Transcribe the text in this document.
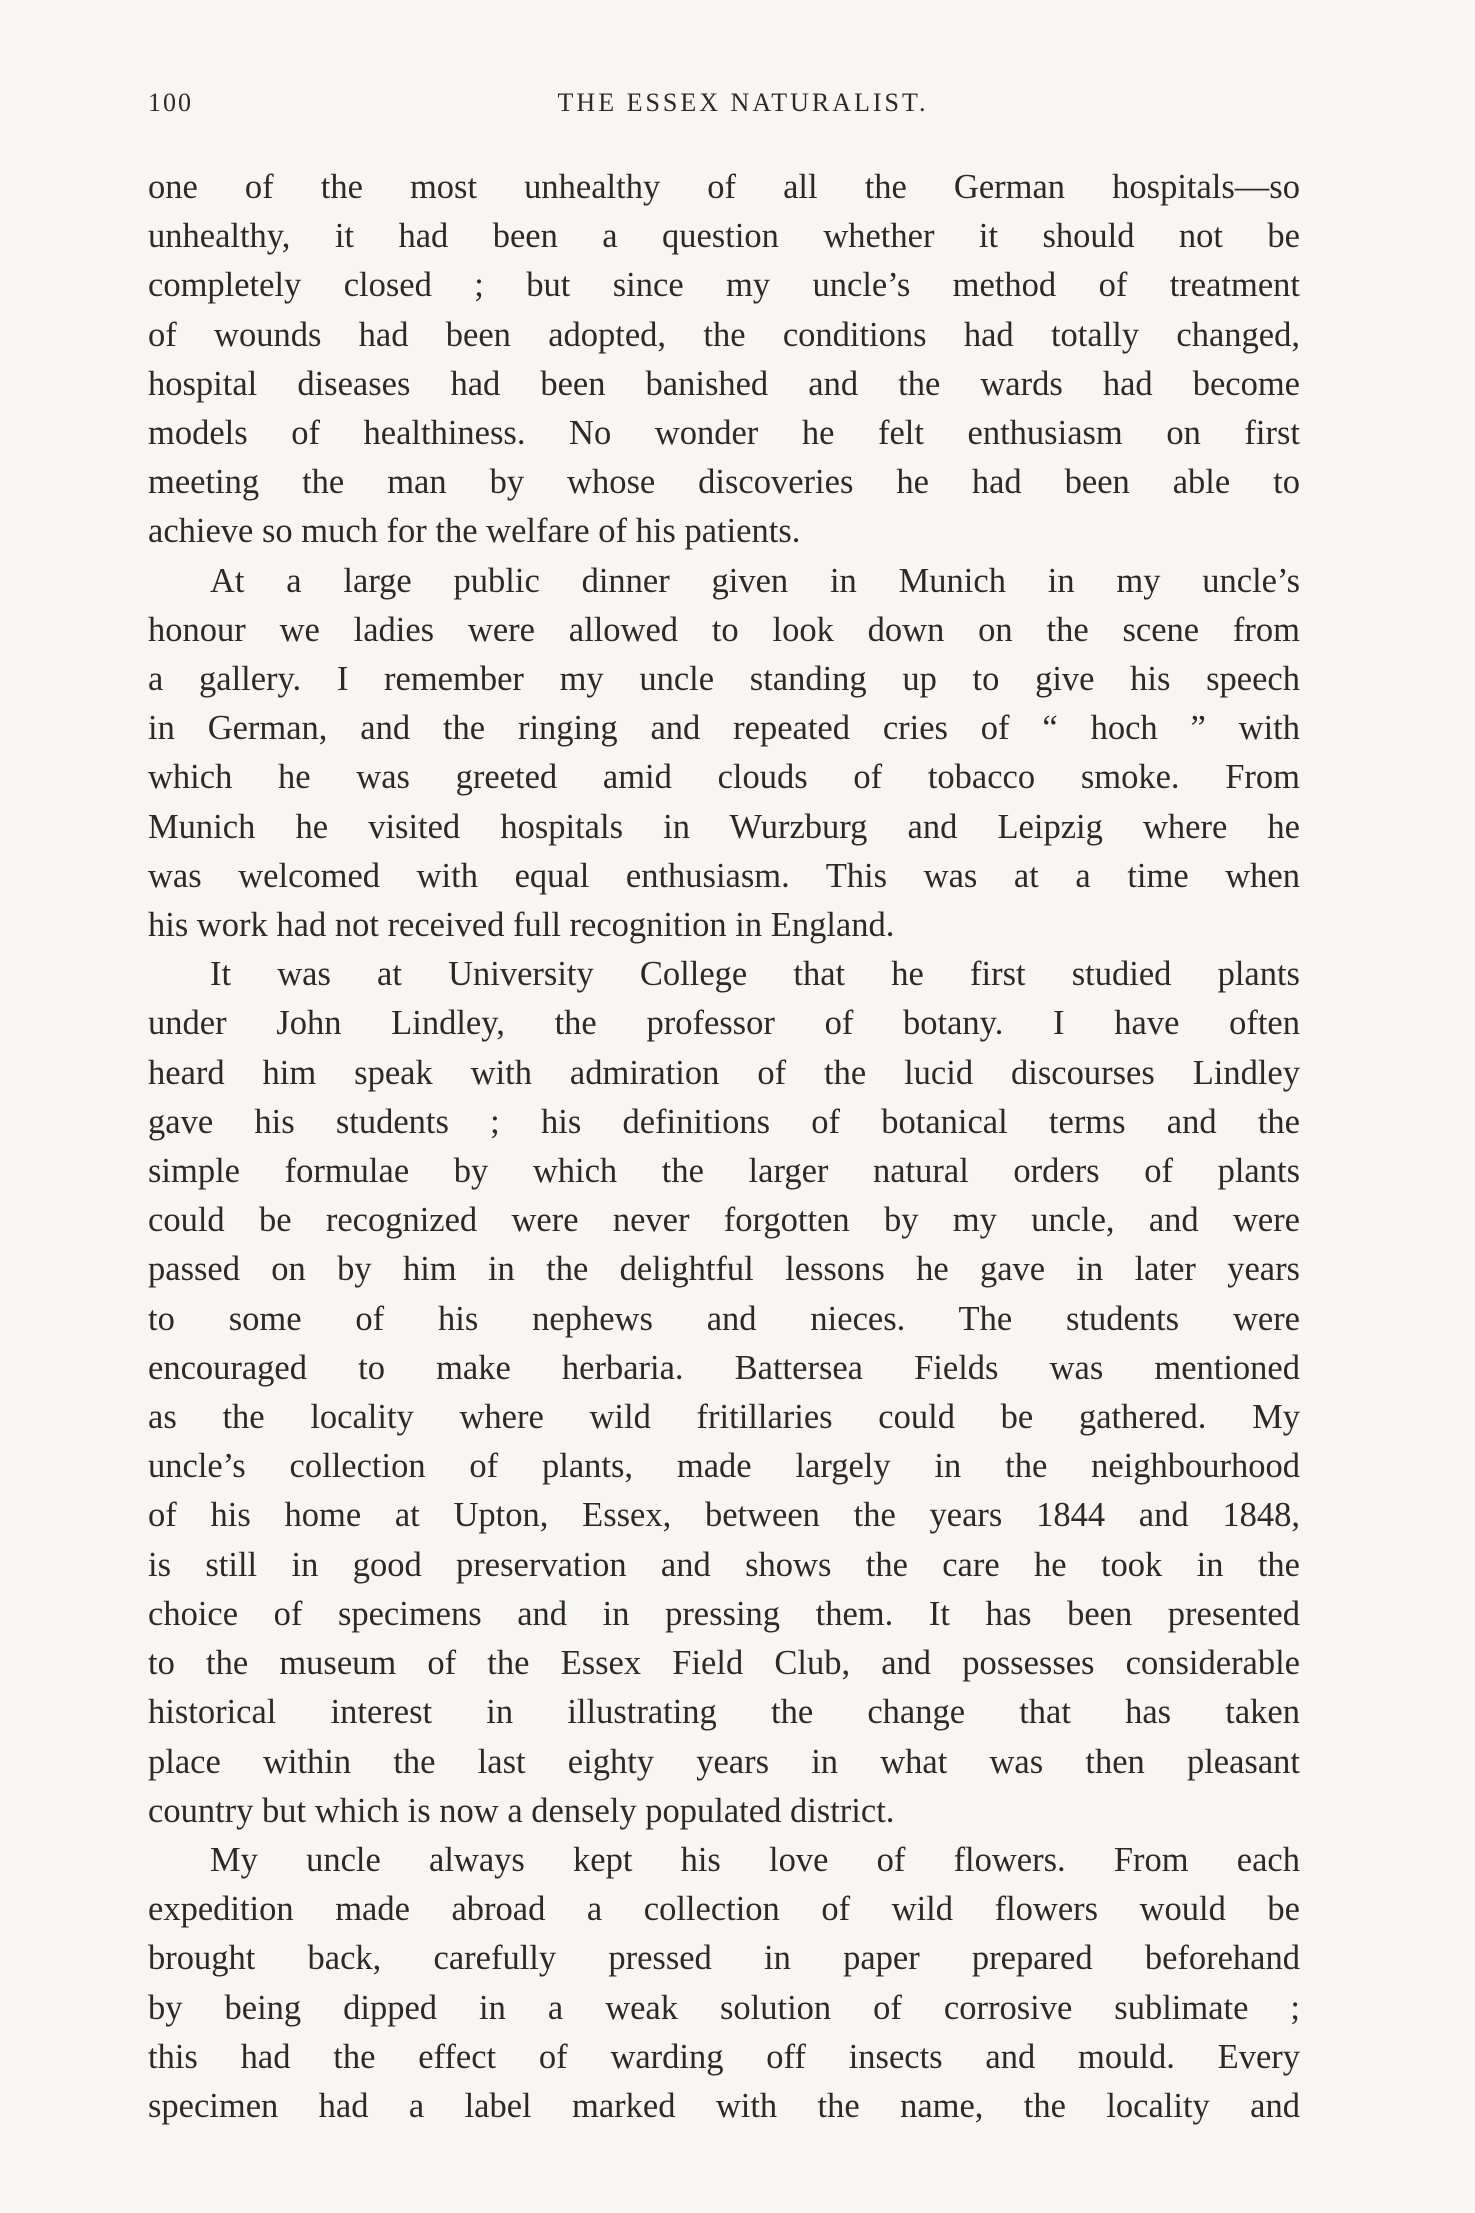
100	THE ESSEX NATURALIST.
one of the most unhealthy of all the German hospitals—so
unhealthy, it had been a question whether it should not be
completely closed ; but since my uncle’s method of treatment
of wounds had been adopted, the conditions had totally changed,
hospital diseases had been banished and the wards had become
models of healthiness. No wonder he felt enthusiasm on first
meeting the man by whose discoveries he had been able to
achieve so much for the welfare of his patients.
At a large public dinner given in Munich in my uncle’s
honour we ladies were allowed to look down on the scene from
a gallery. I remember my uncle standing up to give his speech
in German, and the ringing and repeated cries of “ hoch ” with
which he was greeted amid clouds of tobacco smoke. From
Munich he visited hospitals in Wurzburg and Leipzig where he
was welcomed with equal enthusiasm. This was at a time when
his work had not received full recognition in England.
It was at University College that he first studied plants
under John Lindley, the professor of botany. I have often
heard him speak with admiration of the lucid discourses Lindley
gave his students ; his definitions of botanical terms and the
simple formulae by which the larger natural orders of plants
could be recognized were never forgotten by my uncle, and were
passed on by him in the delightful lessons he gave in later years
to some of his nephews and nieces. The students were
encouraged to make herbaria. Battersea Fields was mentioned
as the locality where wild fritillaries could be gathered. My
uncle’s collection of plants, made largely in the neighbourhood
of his home at Upton, Essex, between the years 1844 and 1848,
is still in good preservation and shows the care he took in the
choice of specimens and in pressing them. It has been presented
to the museum of the Essex Field Club, and possesses considerable
historical interest in illustrating the change that has taken
place within the last eighty years in what was then pleasant
country but which is now a densely populated district.
My uncle always kept his love of flowers. From each
expedition made abroad a collection of wild flowers would be
brought back, carefully pressed in paper prepared beforehand
by being dipped in a weak solution of corrosive sublimate ;
this had the effect of warding off insects and mould. Every
specimen had a label marked with the name, the locality and
